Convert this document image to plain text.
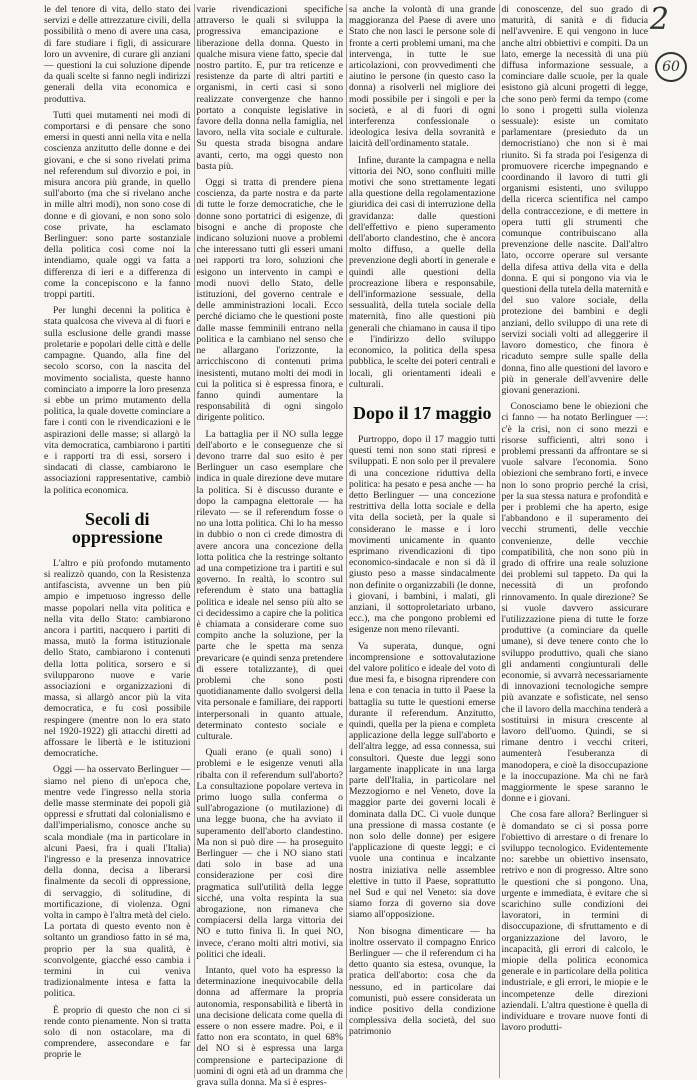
2
60

le del tenore di vita, dello stato dei servizi e delle attrezzature civili, della possibilità o meno di avere una casa, di fare studiare i figli, di assicurare loro un avvenire, di curare gli anziani — questioni la cui soluzione dipende da quali scelte si fanno negli indirizzi generali della vita economica e produttiva.

Tutti quei mutamenti nei modi di comportarsi e di pensare che sono emersi in questi anni nella vita e nella coscienza anzitutto delle donne e dei giovani, e che si sono rivelati prima nel referendum sul divorzio e poi, in misura ancora più grande, in quello sull'aborto (ma che si rivelano anche in mille altri modi), non sono cose di donne e di giovani, e non sono solo cose private, ha esclamato Berlinguer: sono parte sostanziale della politica così come noi la intendiamo, quale oggi va fatta a differenza di ieri e a differenza di come la concepiscono e la fanno troppi partiti.

Per lunghi decenni la politica è stata qualcosa che viveva al di fuori e sulla esclusione delle grandi masse proletarie e popolari delle città e delle campagne. Quando, alla fine del secolo scorso, con la nascita del movimento socialista, queste hanno cominciato a imporre la loro presenza si ebbe un primo mutamento della politica, la quale dovette cominciare a fare i conti con le rivendicazioni e le aspirazioni delle masse; si allargò la vita democratica, cambiarono i partiti e i rapporti tra di essi, sorsero i sindacati di classe, cambiarono le associazioni rappresentative, cambiò la politica economica.

Secoli di oppressione

L'altro e più profondo mutamento si realizzò quando, con la Resistenza antifascista, avvenne un ben più ampio e impetuoso ingresso delle masse popolari nella vita politica e nella vita dello Stato: cambiarono ancora i partiti, nacquero i partiti di massa, mutò la forma istituzionale dello Stato, cambiarono i contenuti della lotta politica, sorsero e si svilupparono nuove e varie associazioni e organizzazioni di massa, si allargò ancor più la vita democratica, e fu così possibile respingere (mentre non lo era stato nel 1920-1922) gli attacchi diretti ad affossare le libertà e le istituzioni democratiche.

Oggi — ha osservato Berlinguer — siamo nel pieno di un'epoca che, mentre vede l'ingresso nella storia delle masse sterminate dei popoli già oppressi e sfruttati dal colonialismo e dall'imperialismo, conosce anche su scala mondiale (ma in particolare in alcuni Paesi, fra i quali l'Italia) l'ingresso e la presenza innovatrice della donna, decisa a liberarsi finalmente da secoli di oppressione, di servaggio, di solitudine, di mortificazione, di violenza. Ogni volta in campo è l'altra metà del cielo. La portata di questo evento non è soltanto un grandioso fatto in sé ma, proprio per la sua qualità, è sconvolgente, giacché esso cambia i termini in cui veniva tradizionalmente intesa e fatta la politica.

È proprio di questo che non ci si rende conto pienamente. Non si tratta solo di non ostacolare, ma di comprendere, assecondare e far proprie le

varie rivendicazioni specifiche attraverso le quali si sviluppa la progressiva emancipazione e liberazione della donna. Questo in qualche misura viene fatto, specie dal nostro partito. E, pur tra reticenze e resistenze da parte di altri partiti e organismi, in certi casi si sono realizzate convergenze che hanno portato a conquiste legislative in favore della donna nella famiglia, nel lavoro, nella vita sociale e culturale. Su questa strada bisogna andare avanti, certo, ma oggi questo non basta più.

Oggi si tratta di prendere piena coscienza, da parte nostra e da parte di tutte le forze democratiche, che le donne sono portatrici di esigenze, di bisogni e anche di proposte che indicano soluzioni nuove a problemi che interessano tutti gli esseri umani nei rapporti tra loro, soluzioni che esigono un intervento in campi e modi nuovi dello Stato, delle istituzioni, del governo centrale e delle amministrazioni locali. Ecco perché diciamo che le questioni poste dalle masse femminili entrano nella politica e la cambiano nel senso che ne allargano l'orizzonte, la arricchiscono di contenuti prima inesistenti, mutano molti dei modi in cui la politica si è espressa finora, e fanno quindi aumentare la responsabilità di ogni singolo dirigente politico.

La battaglia per il NO sulla legge dell'aborto e le conseguenze che si devono trarre dal suo esito è per Berlinguer un caso esemplare che indica in quale direzione deve mutare la politica. Si è discusso durante e dopo la campagna elettorale — ha rilevato — se il referendum fosse o no una lotta politica. Chi lo ha messo in dubbio o non ci crede dimostra di avere ancora una concezione della lotta politica che la restringe soltanto ad una competizione tra i partiti e sul governo. In realtà, lo scontro sul referendum è stato una battaglia politica e ideale nel senso più alto se ci decidessimo a capire che la politica è chiamata a considerare come suo compito anche la soluzione, per la parte che le spetta ma senza prevaricare (e quindi senza pretendere di essere totalizzante), di quei problemi che sono posti quotidianamente dallo svolgersi della vita personale e familiare, dei rapporti interpersonali in quanto attuale, determinato contesto sociale e culturale.

Quali erano (e quali sono) i problemi e le esigenze venuti alla ribalta con il referendum sull'aborto? La consultazione popolare verteva in primo luogo sulla conferma o sull'abrogazione (o mutilazione) di una legge buona, che ha avviato il superamento dell'aborto clandestino. Ma non si può dire — ha proseguito Berlinguer — che i NO siano stati dati solo in base ad una considerazione per così dire pragmatica sull'utilità della legge sicché, una volta respinta la sua abrogazione, non rimaneva che compiacersi della larga vittoria dei NO e tutto finiva lì. In quei NO, invece, c'erano molti altri motivi, sia politici che ideali.

Intanto, quel voto ha espresso la determinazione inequivocabile della donna ad affermare la propria autonomia, responsabilità e libertà in una decisione delicata come quella di essere o non essere madre. Poi, e il fatto non era scontato, in quel 68% del NO si è espressa una larga comprensione e partecipazione di uomini di ogni età ad un dramma che grava sulla donna. Ma si è espres-

sa anche la volontà di una grande maggioranza del Paese di avere uno Stato che non lasci le persone sole di fronte a certi problemi umani, ma che intervenga, in tutte le sue articolazioni, con provvedimenti che aiutino le persone (in questo caso la donna) a risolverli nel migliore dei modi possibile per i singoli e per la società, e al di fuori di ogni interferenza confessionale o ideologica lesiva della sovranità e laicità dell'ordinamento statale.

Infine, durante la campagna e nella vittoria dei NO, sono confluiti mille motivi che sono strettamente legati alla questione della regolamentazione giuridica dei casi di interruzione della gravidanza: dalle questioni dell'effettivo e pieno superamento dell'aborto clandestino, che è ancora molto diffuso, a quelle della prevenzione degli aborti in generale e quindi alle questioni della procreazione libera e responsabile, dell'informazione sessuale, della sessualità, della tutela sociale della maternità, fino alle questioni più generali che chiamano in causa il tipo e l'indirizzo dello sviluppo economico, la politica della spesa pubblica, le scelte dei poteri centrali e locali, gli orientamenti ideali e culturali.

Dopo il 17 maggio

Purtroppo, dopo il 17 maggio tutti questi temi non sono stati ripresi e sviluppati. E non solo per il prevalere di una concezione riduttiva della politica: ha pesato e pesa anche — ha detto Berlinguer — una concezione restrittiva della lotta sociale e della vita della società, per la quale si considerano le masse e i loro movimenti unicamente in quanto esprimano rivendicazioni di tipo economico-sindacale e non si dà il giusto peso a masse sindacalmente non definite o organizzabili (le donne, i giovani, i bambini, i malati, gli anziani, il sottoproletariato urbano, ecc.), ma che pongono problemi ed esigenze non meno rilevanti.

Va superata, dunque, ogni incomprensione e sottovalutazione del valore politico e ideale del voto di due mesi fa, e bisogna riprendere con lena e con tenacia in tutto il Paese la battaglia su tutte le questioni emerse durante il referendum. Anzitutto, quindi, quella per la piena e completa applicazione della legge sull'aborto e dell'altra legge, ad essa connessa, sui consultori. Queste due leggi sono largamente inapplicate in una larga parte dell'Italia, in particolare nel Mezzogiorno e nel Veneto, dove la maggior parte dei governi locali è dominata dalla DC. Ci vuole dunque una pressione di massa costante (e non solo delle donne) per esigere l'applicazione di queste leggi; e ci vuole una continua e incalzante nostra iniziativa nelle assemblee elettive in tutto il Paese, soprattutto nel Sud e qui nel Veneto: sia dove siamo forza di governo sia dove siamo all'opposizione.

Non bisogna dimenticare — ha inoltre osservato il compagno Enrico Berlinguer — che il referendum ci ha detto quanto sia estesa, ovunque, la pratica dell'aborto: cosa che da nessuno, ed in particolare dai comunisti, può essere considerata un indice positivo della condizione complessiva della società, del suo patrimonio

di conoscenze, del suo grado di maturità, di sanità e di fiducia nell'avvenire. E qui vengono in luce anche altri obbiettivi e compiti. Da un lato, emerge la necessità di una più diffusa informazione sessuale, a cominciare dalle scuole, per la quale esistono già alcuni progetti di legge, che sono però fermi da tempo (come lo sono i progetti sulla violenza sessuale): esiste un comitato parlamentare (presieduto da un democristiano) che non si è mai riunito. Si fa strada poi l'esigenza di promuovere ricerche impegnando e coordinando il lavoro di tutti gli organismi esistenti, uno sviluppo della ricerca scientifica nel campo della contraccezione, e di mettere in opera tutti gli strumenti che comunque contribuiscano alla prevenzione delle nascite. Dall'altro lato, occorre operare sul versante della difesa attiva della vita e della donna. E qui si pongono via via le questioni della tutela della maternità e del suo valore sociale, della protezione dei bambini e degli anziani, dello sviluppo di una rete di servizi sociali volti ad alleggerire il lavoro domestico, che finora è ricaduto sempre sulle spalle della donna, fino alle questioni del lavoro e più in generale dell'avvenire delle giovani generazioni.

Conosciamo bene le obiezioni che ci fanno — ha notato Berlinguer —: c'è la crisi, non ci sono mezzi e risorse sufficienti, altri sono i problemi pressanti da affrontare se si vuole salvare l'economia. Sono obiezioni che sembrano forti, e invece non lo sono proprio perché la crisi, per la sua stessa natura e profondità e per i problemi che ha aperto, esige l'abbandono e il superamento dei vecchi strumenti, delle vecchie convenienze, delle vecchie compatibilità, che non sono più in grado di offrire una reale soluzione dei problemi sul tappeto. Da qui la necessità di un profondo rinnovamento. In quale direzione? Se si vuole davvero assicurare l'utilizzazione piena di tutte le forze produttive (a cominciare da quelle umane), si deve tenere conto che lo sviluppo produttivo, quali che siano gli andamenti congiunturali delle economie, si avvarrà necessariamente di innovazioni tecnologiche sempre più avanzate e sofisticate, nel senso che il lavoro della macchina tenderà a sostituirsi in misura crescente al lavoro dell'uomo. Quindi, se si rimane dentro i vecchi criteri, aumenterà l'esuberanza di manodopera, e cioè la disoccupazione e la inoccupazione. Ma chi ne farà maggiormente le spese saranno le donne e i giovani.

Che cosa fare allora? Berlinguer si è domandato se ci si possa porre l'obiettivo di arrestare o di frenare lo sviluppo tecnologico. Evidentemente no: sarebbe un obiettivo insensato, retrivo e non di progresso. Altre sono le questioni che si pongono. Una, urgente e immediata, è evitare che si scarichino sulle condizioni dei lavoratori, in termini di disoccupazione, di sfruttamento e di organizzazione del lavoro, le incapacità, gli errori di calcolo, le miopie della politica economica generale e in particolare della politica industriale, e gli errori, le miopie e le incompetenze delle direzioni aziendali. L'altra questione è quella di individuare e trovare nuove fonti di lavoro produtti-
